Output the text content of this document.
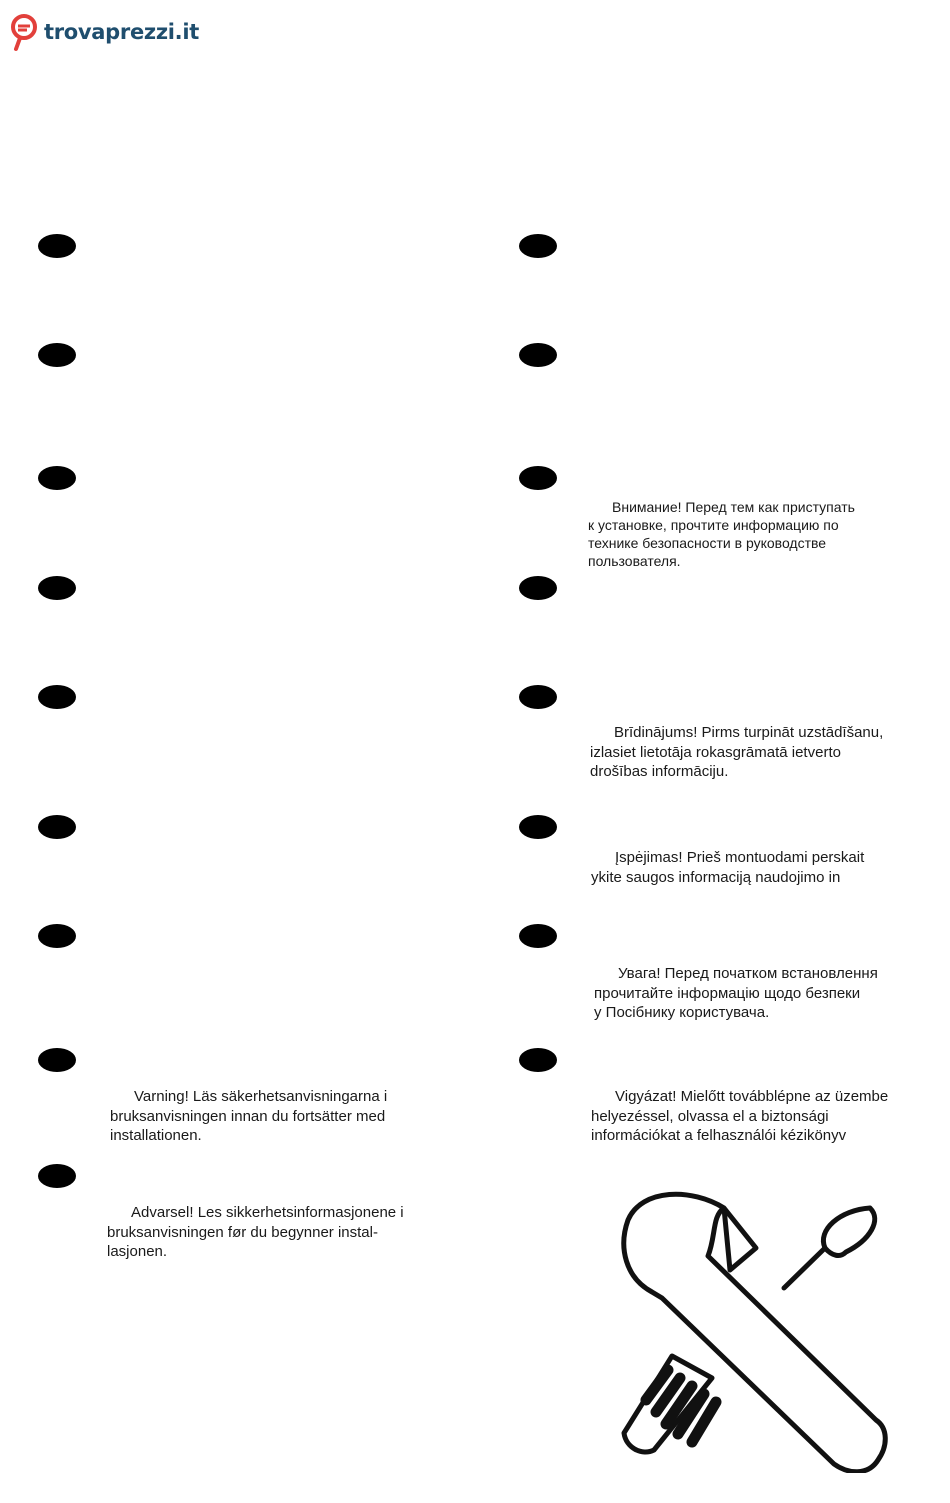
trovaprezzi.it

Внимание! Перед тем как приступать

к установке, прочтите информацию по

технике безопасности в руководстве

пользователя.

Brīdinājums! Pirms turpināt uzstādīšanu,

izlasiet lietotāja rokasgrāmatā ietverto

drošības informāciju.

Įspėjimas! Prieš montuodami perskait

ykite saugos informaciją naudojimo in

Увага! Перед початком встановлення

прочитайте інформацію щодо безпеки

у Посібнику користувача.

Varning! Läs säkerhetsanvisningarna i

bruksanvisningen innan du fortsätter med

installationen.

Vigyázat! Mielőtt továbblépne az üzembe

helyezéssel, olvassa el a biztonsági

információkat a felhasználói kézikönyv

Advarsel! Les sikkerhetsinformasjonene i

bruksanvisningen før du begynner instal-

lasjonen.
